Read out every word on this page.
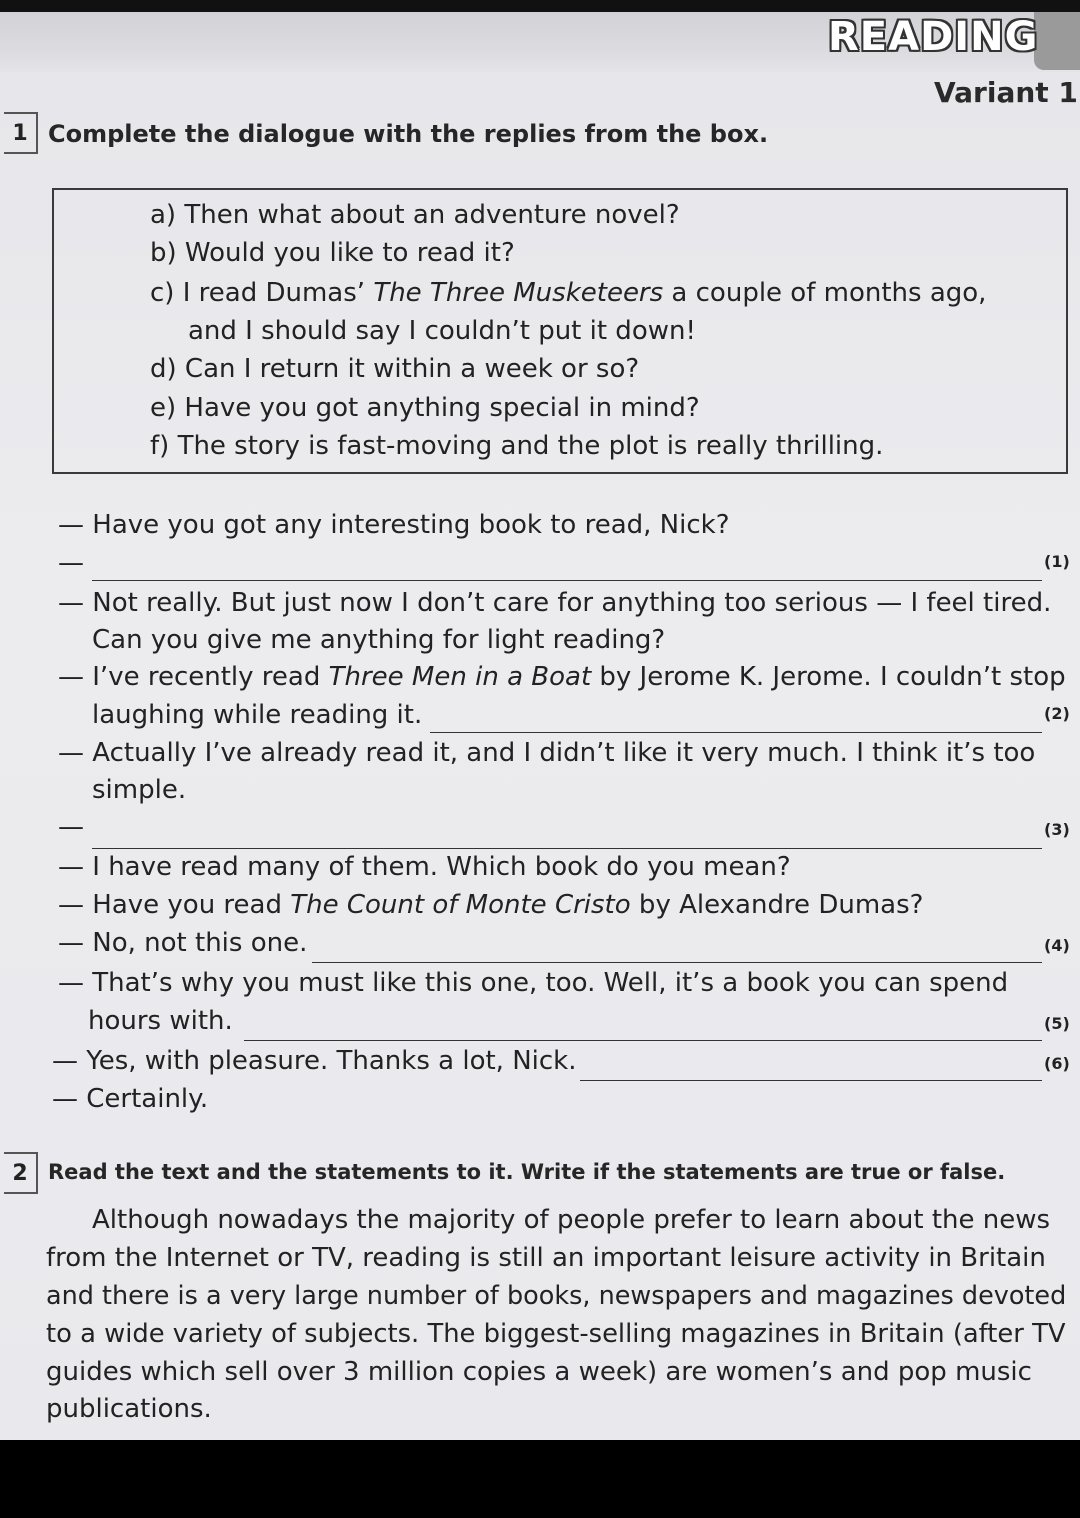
READING
Variant 1
1 Complete the dialogue with the replies from the box.
a) Then what about an adventure novel?
b) Would you like to read it?
c) I read Dumas’ The Three Musketeers a couple of months ago,
and I should say I couldn’t put it down!
d) Can I return it within a week or so?
e) Have you got anything special in mind?
f) The story is fast-moving and the plot is really thrilling.
— Have you got any interesting book to read, Nick?
—	(1)
— Not really. But just now I don’t care for anything too serious — I feel tired.
Can you give me anything for light reading?
— I’ve recently read Three Men in a Boat by Jerome K. Jerome. I couldn’t stop
laughing while reading it.	(2)
— Actually I’ve already read it, and I didn’t like it very much. I think it’s too
simple.
—	(3)
— I have read many of them. Which book do you mean?
— Have you read The Count of Monte Cristo by Alexandre Dumas?
— No, not this one.	(4)
— That’s why you must like this one, too. Well, it’s a book you can spend
hours with.	(5)
— Yes, with pleasure. Thanks a lot, Nick.	(6)
— Certainly.
2 Read the text and the statements to it. Write if the statements are true or false.
Although nowadays the majority of people prefer to learn about the news
from the Internet or TV, reading is still an important leisure activity in Britain
and there is a very large number of books, newspapers and magazines devoted
to a wide variety of subjects. The biggest-selling magazines in Britain (after TV
guides which sell over 3 million copies a week) are women’s and pop music
publications.
